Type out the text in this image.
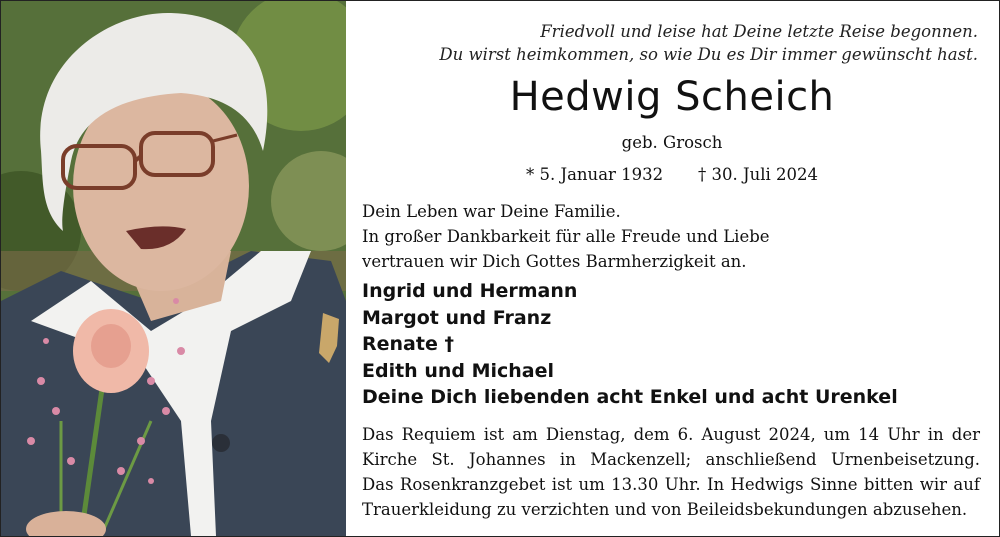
Friedvoll und leise hat Deine letzte Reise begonnen.
Du wirst heimkommen, so wie Du es Dir immer gewünscht hast.
Hedwig Scheich
geb. Grosch
* 5. Januar 1932 † 30. Juli 2024
Dein Leben war Deine Familie.
In großer Dankbarkeit für alle Freude und Liebe
vertrauen wir Dich Gottes Barmherzigkeit an.
Ingrid und Hermann
Margot und Franz
Renate †
Edith und Michael
Deine Dich liebenden acht Enkel und acht Urenkel
Das Requiem ist am Dienstag, dem 6. August 2024, um 14 Uhr in der
Kirche St. Johannes in Mackenzell; anschließend Urnenbeisetzung.
Das Rosenkranzgebet ist um 13.30 Uhr. In Hedwigs Sinne bitten wir auf
Trauerkleidung zu verzichten und von Beileidsbekundungen abzusehen.
